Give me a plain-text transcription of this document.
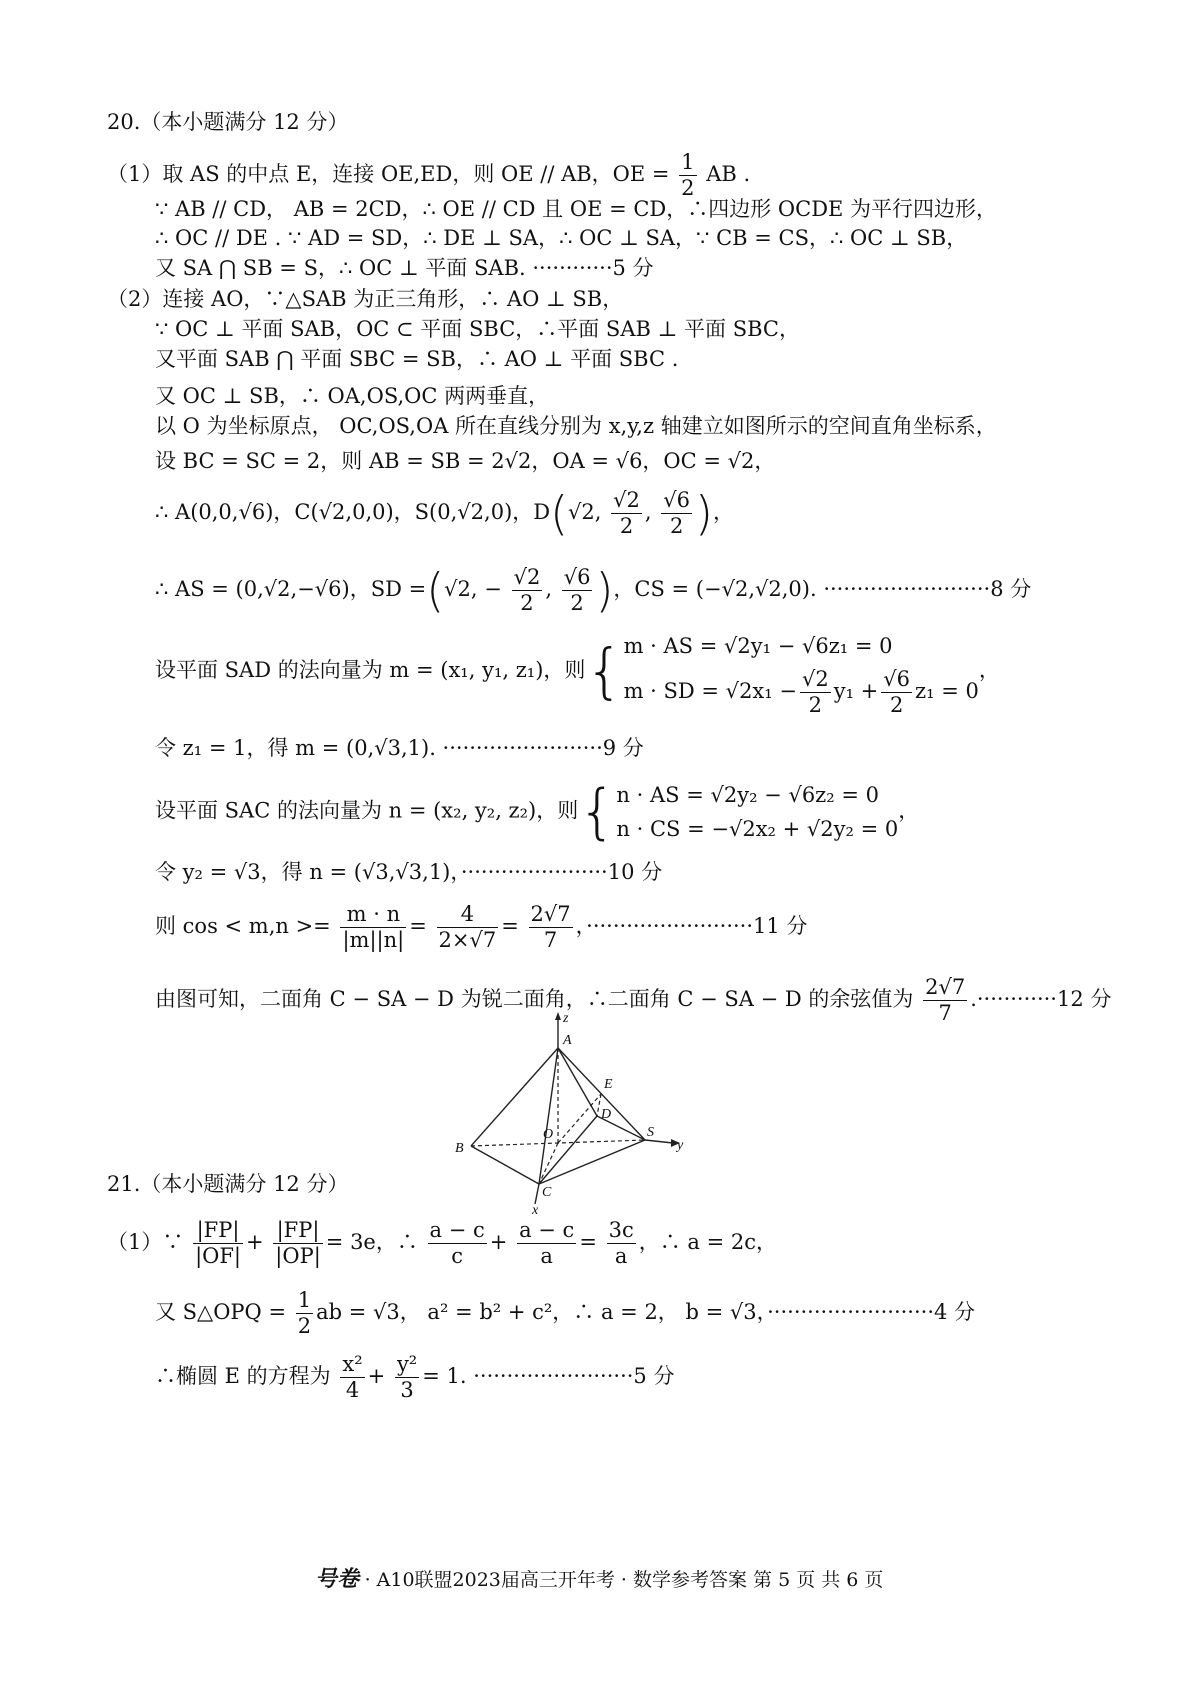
20.（本小题满分 12 分）
（1）取 AS 的中点 E，连接 OE,ED，则 OE // AB，OE = $\frac{1}{2}$ AB .
∵ AB // CD， AB = 2CD，∴ OE // CD 且 OE = CD，∴四边形 OCDE 为平行四边形，
∴ OC // DE . ∵ AD = SD，∴ DE ⊥ SA，∴ OC ⊥ SA，∵ CB = CS，∴ OC ⊥ SB，
又 SA ⋂ SB = S，∴ OC ⊥ 平面 SAB. ············5 分
（2）连接 AO，∵△SAB 为正三角形，∴ AO ⊥ SB，
∵ OC ⊥ 平面 SAB，OC ⊂ 平面 SBC，∴平面 SAB ⊥ 平面 SBC，
又平面 SAB ⋂ 平面 SBC = SB，∴ AO ⊥ 平面 SBC .
又 OC ⊥ SB，∴ OA,OS,OC 两两垂直，
以 O 为坐标原点， OC,OS,OA 所在直线分别为 x,y,z 轴建立如图所示的空间直角坐标系，
设 BC = SC = 2，则 AB = SB = 2√2，OA = √6，OC = √2，
∴ A(0,0,√6)，C(√2,0,0)，S(0,√2,0)，D(√2, $\frac{√2}{2}$ , $\frac{√6}{2}$ )，
∴ AS = (0,√2,−√6)，SD =(√2, − $\frac{√2}{2}$ , $\frac{√6}{2}$ )，CS = (−√2,√2,0). ·························8 分
设平面 SAD 的法向量为 m = (x₁, y₁, z₁)，则{ m · AS = √2y₁ − √6z₁ = 0
m · SD = $√2x_1 - \frac{√2}{2} y_1 + \frac{√6}{2} z_1 = 0$
，
令 z₁ = 1，得 m = (0,√3,1). ························9 分
设平面 SAC 的法向量为 n = (x₂, y₂, z₂)，则{ n · AS = √2y₂ − √6z₂ = 0
n · CS = −√2x₂ + √2y₂ = 0
，
令 y₂ = √3，得 n = (√3,√3,1)，······················10 分
则 $\cos < m,n >= \frac{m \cdot n}{|m||n|} = \frac{4}{2\times√7} = \frac{2√7}{7}$ ，·························11 分
由图可知，二面角 C − SA − D 为锐二面角，∴二面角 C − SA − D 的余弦值为 $\frac{2√7}{7} .\cdot\cdot\cdot\cdot\cdot\cdot\cdot\cdot\cdot\cdot\cdot\cdot 12$ 分
z
A
E
D
O	S
y
B
C
x
21.（本小题满分 12 分）
（1）∵ $\frac{|FP|}{|OF|} + \frac{|FP|}{|OP|} = 3e$，∴ $\frac{a - c}{c} + \frac{a - c}{a} = \frac{3c}{a}$ ，∴ a = 2c，
又 S△OPQ = $\frac{1}{2}$ ab = √3， a² = b² + c²，∴ a = 2， b = √3，·························4 分
∴椭圆 E 的方程为 $\frac{\text{x²}}{4} + \frac{\text{y²}}{3} = 1$. ························5 分
号卷· A10联盟2023届高三开年考 · 数学参考答案 第 5 页 共 6 页
